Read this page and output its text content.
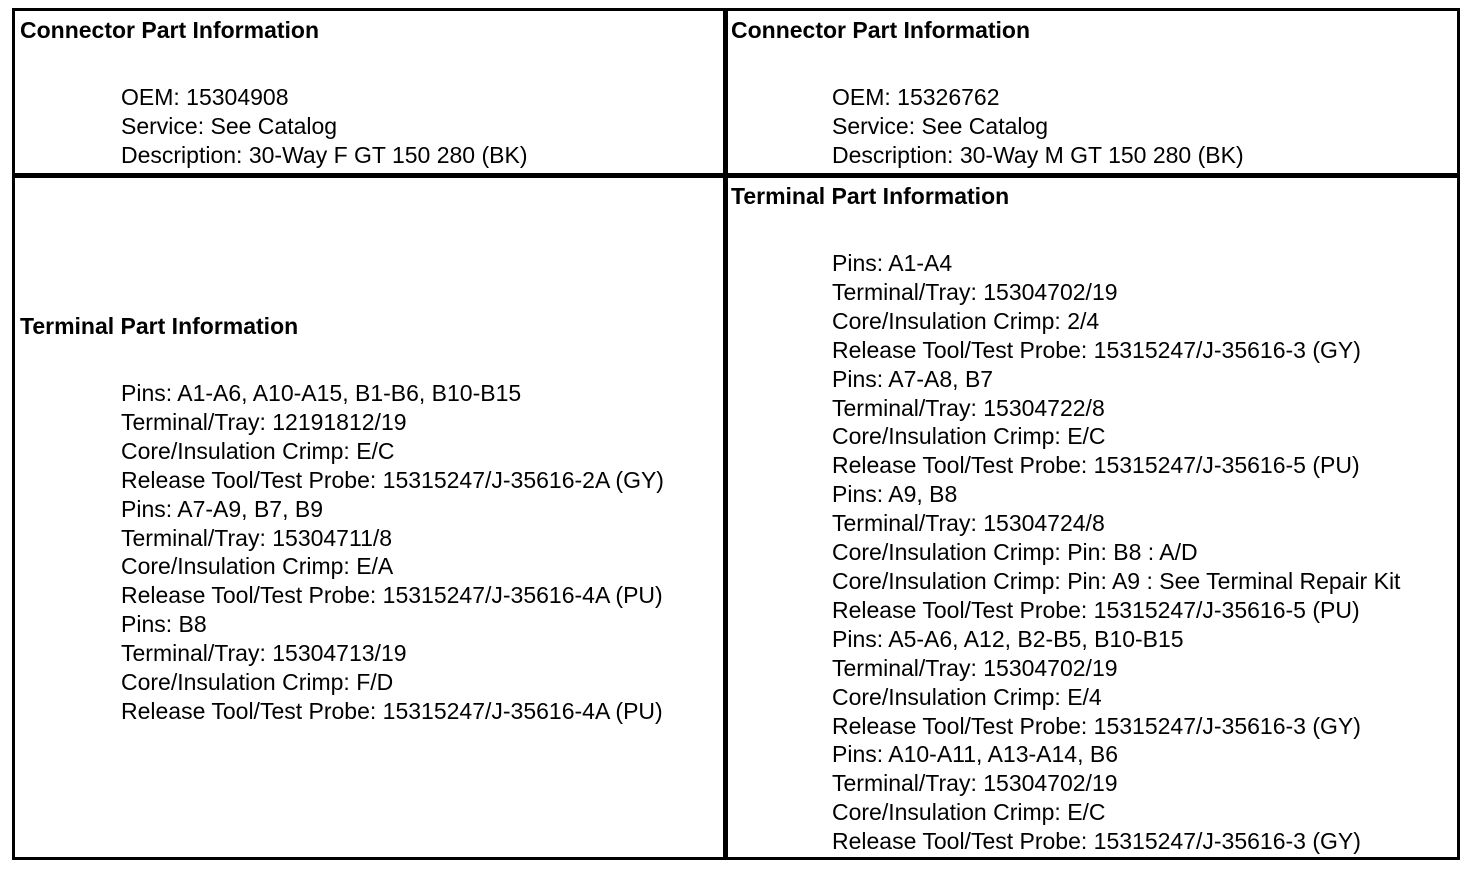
Connector Part Information
OEM: 15304908
Service: See Catalog
Description: 30-Way F GT 150 280 (BK)
Connector Part Information
OEM: 15326762
Service: See Catalog
Description: 30-Way M GT 150 280 (BK)
Terminal Part Information
Pins: A1-A6, A10-A15, B1-B6, B10-B15
Terminal/Tray: 12191812/19
Core/Insulation Crimp: E/C
Release Tool/Test Probe: 15315247/J-35616-2A (GY)
Pins: A7-A9, B7, B9
Terminal/Tray: 15304711/8
Core/Insulation Crimp: E/A
Release Tool/Test Probe: 15315247/J-35616-4A (PU)
Pins: B8
Terminal/Tray: 15304713/19
Core/Insulation Crimp: F/D
Release Tool/Test Probe: 15315247/J-35616-4A (PU)
Terminal Part Information
Pins: A1-A4
Terminal/Tray: 15304702/19
Core/Insulation Crimp: 2/4
Release Tool/Test Probe: 15315247/J-35616-3 (GY)
Pins: A7-A8, B7
Terminal/Tray: 15304722/8
Core/Insulation Crimp: E/C
Release Tool/Test Probe: 15315247/J-35616-5 (PU)
Pins: A9, B8
Terminal/Tray: 15304724/8
Core/Insulation Crimp: Pin: B8 : A/D
Core/Insulation Crimp: Pin: A9 : See Terminal Repair Kit
Release Tool/Test Probe: 15315247/J-35616-5 (PU)
Pins: A5-A6, A12, B2-B5, B10-B15
Terminal/Tray: 15304702/19
Core/Insulation Crimp: E/4
Release Tool/Test Probe: 15315247/J-35616-3 (GY)
Pins: A10-A11, A13-A14, B6
Terminal/Tray: 15304702/19
Core/Insulation Crimp: E/C
Release Tool/Test Probe: 15315247/J-35616-3 (GY)
